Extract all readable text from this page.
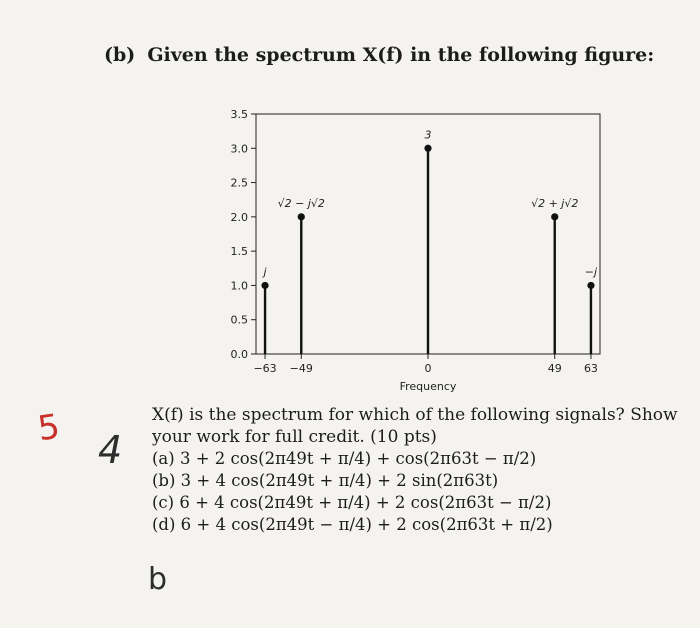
(b) Given the spectrum X(f) in the following figure:
0.0
0.5
1.0
1.5
2.0
2.5
3.0
3.5
−63 −49	0	49 63
Frequency
j
√2 − j√2
3
√2 + j√2
−j

X(f) is the spectrum for which of the following signals? Show your work for full credit. (10 pts)

(a) 3 + 2 cos(2π49t + π/4) + cos(2π63t − π/2)
(b) 3 + 4 cos(2π49t + π/4) + 2 sin(2π63t)
(c) 6 + 4 cos(2π49t + π/4) + 2 cos(2π63t − π/2)
(d) 6 + 4 cos(2π49t − π/4) + 2 cos(2π63t + π/2)
5 4
b
